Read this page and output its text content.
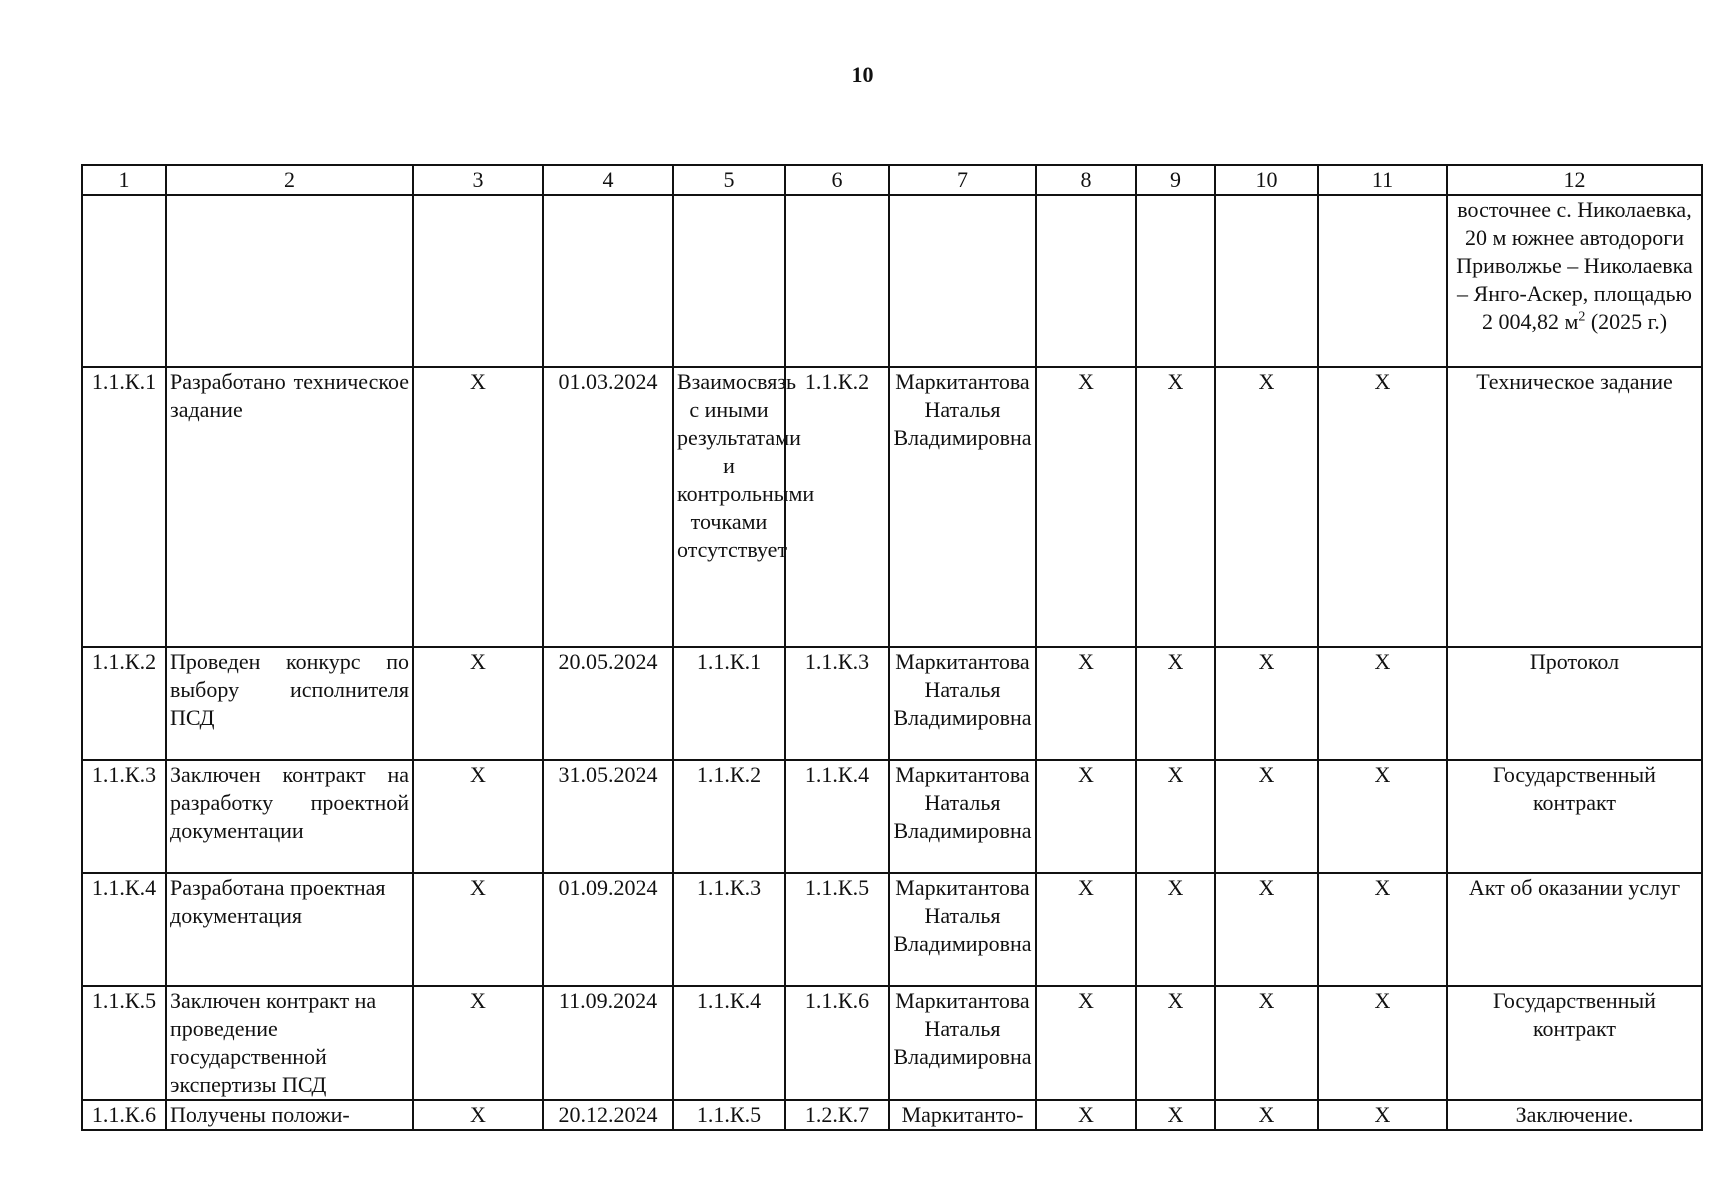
10
1	2	3	4	5	6	7	8	9	10	11	12
											восточнее с. Николаевка, 20 м южнее автодороги Приволжье – Николаевка – Янго-Аскер, площадью 2 004,82 $м^2$ (2025 г.)
1.1.К.1	Разработано техническое задание	Х	01.03.2024	Взаимосвязь с иными результатами и контрольными точками отсутствует	1.1.К.2	Маркитантова Наталья Владимировна	Х	Х	Х	Х	Техническое задание
1.1.К.2	Проведен конкурс по выбору исполнителя ПСД	Х	20.05.2024	1.1.К.1	1.1.К.3	Маркитантова Наталья Владимировна	Х	Х	Х	Х	Протокол
1.1.К.3	Заключен контракт на разработку проектной документации	Х	31.05.2024	1.1.К.2	1.1.К.4	Маркитантова Наталья Владимировна	Х	Х	Х	Х	Государственный контракт
1.1.К.4	Разработана проектная документация	Х	01.09.2024	1.1.К.3	1.1.К.5	Маркитантова Наталья Владимировна	Х	Х	Х	Х	Акт об оказании услуг
1.1.К.5	Заключен контракт на проведение государственной экспертизы ПСД	Х	11.09.2024	1.1.К.4	1.1.К.6	Маркитантова Наталья Владимировна	Х	Х	Х	Х	Государственный контракт
1.1.К.6	Получены положи-	Х	20.12.2024	1.1.К.5	1.2.К.7	Маркитанто-	Х	Х	Х	Х	Заключение.
